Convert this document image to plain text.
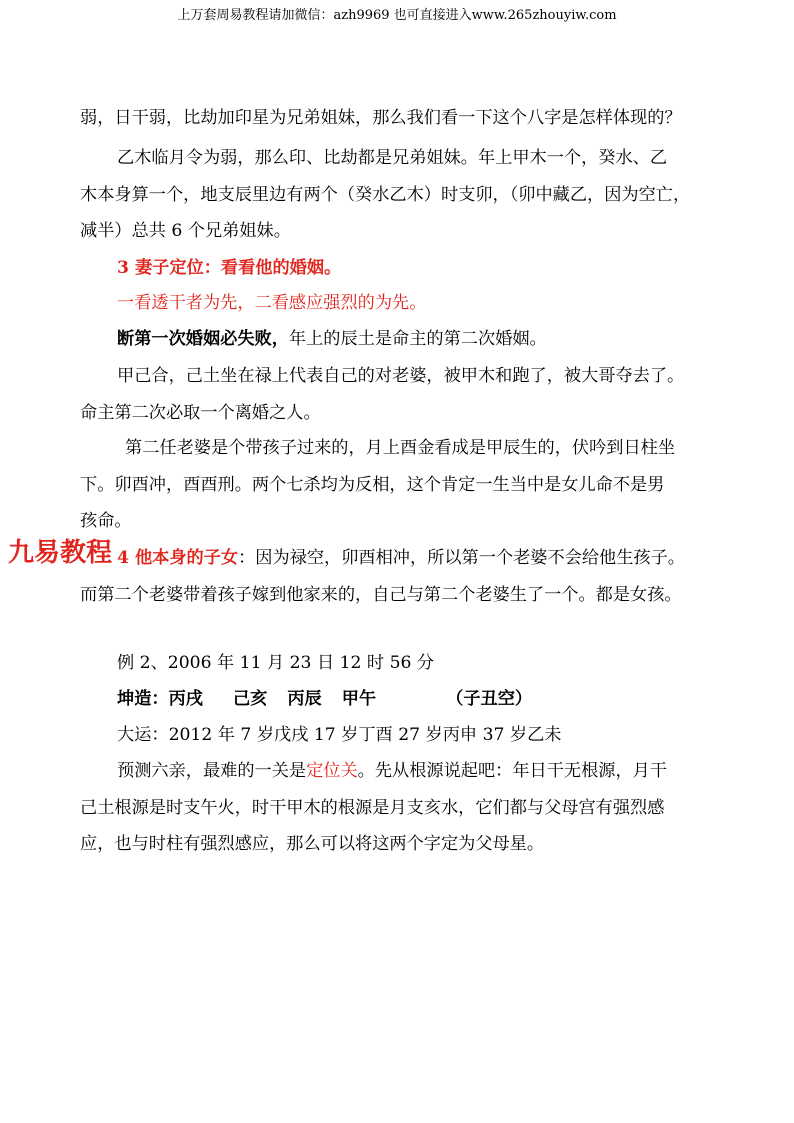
上万套周易教程请加微信：azh9969 也可直接进入www.265zhouyiw.com
弱，日干弱，比劫加印星为兄弟姐妹，那么我们看一下这个八字是怎样体现的？
乙木临月令为弱，那么印、比劫都是兄弟姐妹。年上甲木一个，癸水、乙
木本身算一个，地支辰里边有两个（癸水乙木）时支卯，（卯中藏乙，因为空亡，
减半）总共 6 个兄弟姐妹。
3 妻子定位：看看他的婚姻。
一看透干者为先，二看感应强烈的为先。
断第一次婚姻必失败，年上的辰土是命主的第二次婚姻。
甲己合，己土坐在禄上代表自己的对老婆，被甲木和跑了，被大哥夺去了。
命主第二次必取一个离婚之人。
第二任老婆是个带孩子过来的，月上酉金看成是甲辰生的，伏吟到日柱坐
下。卯酉冲，酉酉刑。两个七杀均为反相，这个肯定一生当中是女儿命不是男
孩命。
4 他本身的子女：因为禄空，卯酉相冲，所以第一个老婆不会给他生孩子。
而第二个老婆带着孩子嫁到他家来的，自己与第二个老婆生了一个。都是女孩。
九易教程
例 2、2006 年 11 月 23 日 12 时 56 分
坤造：丙戌 己亥 丙辰 甲午	（子丑空）
大运：2012 年 7 岁戊戌 17 岁丁酉 27 岁丙申 37 岁乙未
预测六亲，最难的一关是定位关。先从根源说起吧：年日干无根源，月干
己土根源是时支午火，时干甲木的根源是月支亥水，它们都与父母宫有强烈感
应，也与时柱有强烈感应，那么可以将这两个字定为父母星。
